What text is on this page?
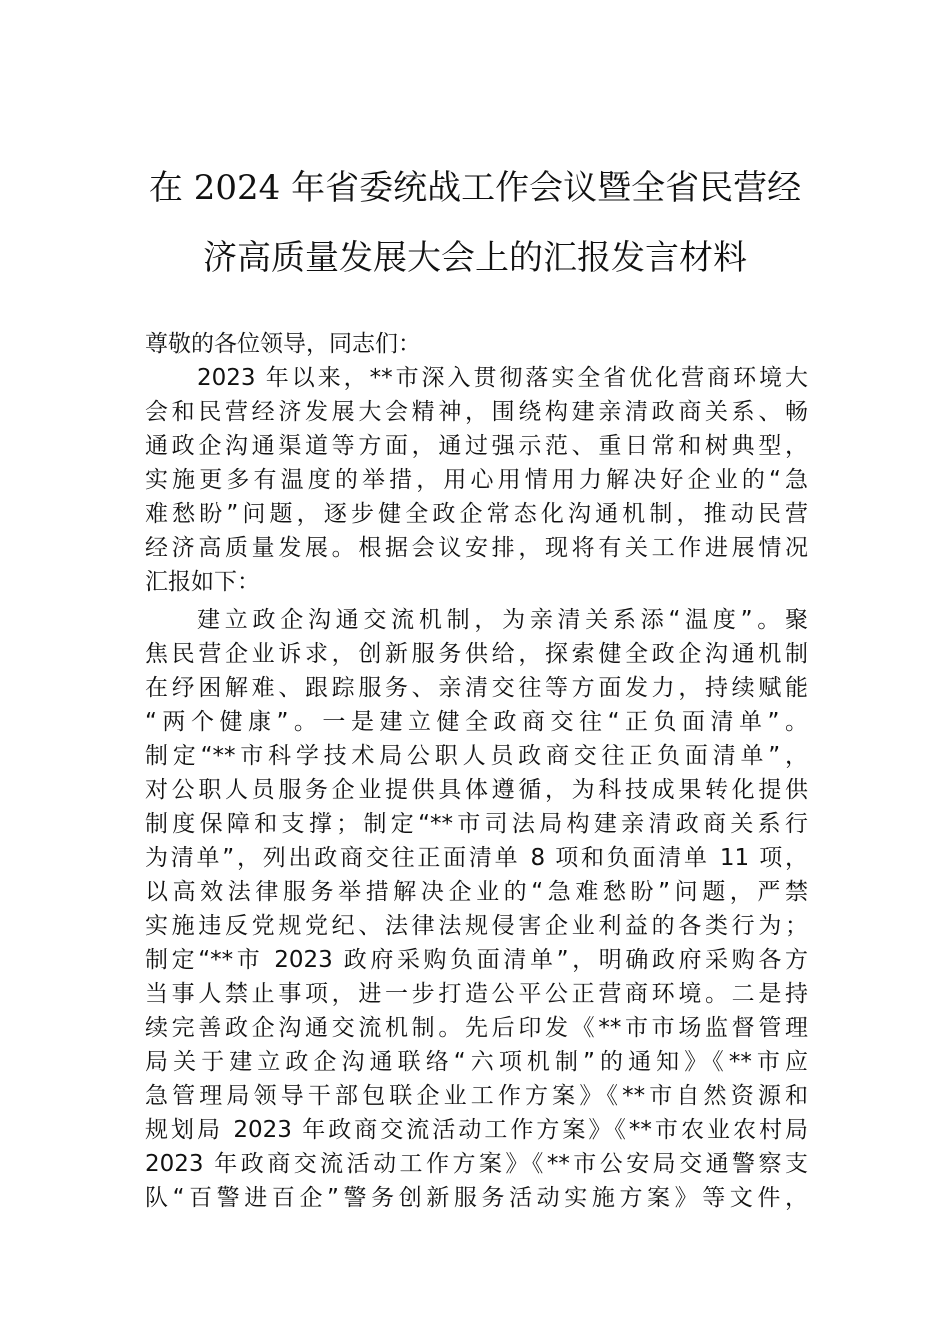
在 2024 年省委统战工作会议暨全省民营经
济高质量发展大会上的汇报发言材料
尊敬的各位领导，同志们：
2023 年以来，**市深入贯彻落实全省优化营商环境大
会和民营经济发展大会精神，围绕构建亲清政商关系、畅
通政企沟通渠道等方面，通过强示范、重日常和树典型，
实施更多有温度的举措，用心用情用力解决好企业的“急
难愁盼”问题，逐步健全政企常态化沟通机制，推动民营
经济高质量发展。根据会议安排，现将有关工作进展情况
汇报如下：
建立政企沟通交流机制，为亲清关系添“温度”。聚
焦民营企业诉求，创新服务供给，探索健全政企沟通机制
在纾困解难、跟踪服务、亲清交往等方面发力，持续赋能
“两个健康”。一是建立健全政商交往“正负面清单”。
制定“**市科学技术局公职人员政商交往正负面清单”，
对公职人员服务企业提供具体遵循，为科技成果转化提供
制度保障和支撑；制定“**市司法局构建亲清政商关系行
为清单”，列出政商交往正面清单 8 项和负面清单 11 项，
以高效法律服务举措解决企业的“急难愁盼”问题，严禁
实施违反党规党纪、法律法规侵害企业利益的各类行为；
制定“**市 2023 政府采购负面清单”，明确政府采购各方
当事人禁止事项，进一步打造公平公正营商环境。二是持
续完善政企沟通交流机制。先后印发《**市市场监督管理
局关于建立政企沟通联络“六项机制”的通知》《**市应
急管理局领导干部包联企业工作方案》《**市自然资源和
规划局 2023 年政商交流活动工作方案》《**市农业农村局
2023 年政商交流活动工作方案》《**市公安局交通警察支
队“百警进百企”警务创新服务活动实施方案》等文件，
